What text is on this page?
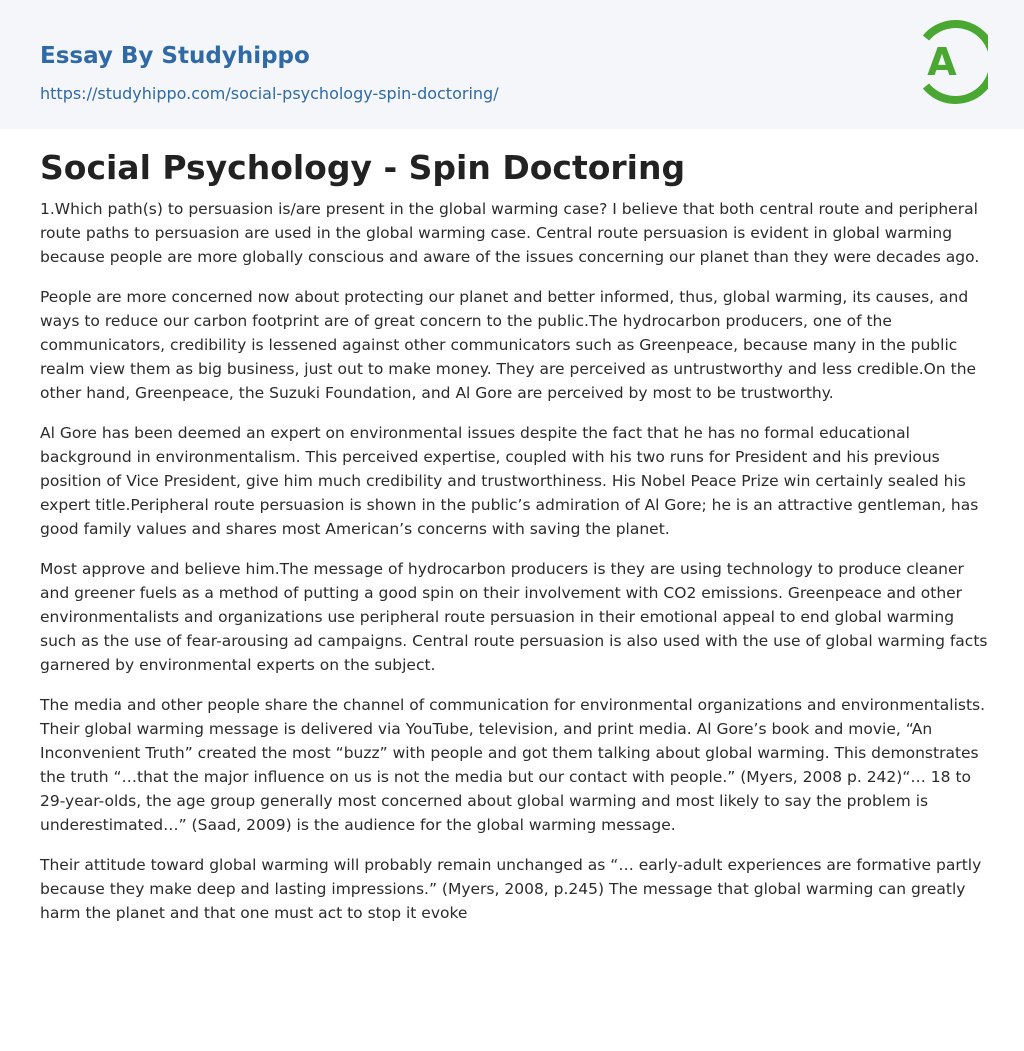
Essay By Studyhippo
https://studyhippo.com/social-psychology-spin-doctoring/
A
Social Psychology - Spin Doctoring

1.Which path(s) to persuasion is/are present in the global warming case? I believe that both central route and peripheral route paths to persuasion are used in the global warming case. Central route persuasion is evident in global warming because people are more globally conscious and aware of the issues concerning our planet than they were decades ago.

People are more concerned now about protecting our planet and better informed, thus, global warming, its causes, and ways to reduce our carbon footprint are of great concern to the public.The hydrocarbon producers, one of the communicators, credibility is lessened against other communicators such as Greenpeace, because many in the public realm view them as big business, just out to make money. They are perceived as untrustworthy and less credible.On the other hand, Greenpeace, the Suzuki Foundation, and Al Gore are perceived by most to be trustworthy.

Al Gore has been deemed an expert on environmental issues despite the fact that he has no formal educational background in environmentalism. This perceived expertise, coupled with his two runs for President and his previous position of Vice President, give him much credibility and trustworthiness. His Nobel Peace Prize win certainly sealed his expert title.Peripheral route persuasion is shown in the public’s admiration of Al Gore; he is an attractive gentleman, has good family values and shares most American’s concerns with saving the planet.

Most approve and believe him.The message of hydrocarbon producers is they are using technology to produce cleaner and greener fuels as a method of putting a good spin on their involvement with CO2 emissions. Greenpeace and other environmentalists and organizations use peripheral route persuasion in their emotional appeal to end global warming such as the use of fear-arousing ad campaigns. Central route persuasion is also used with the use of global warming facts garnered by environmental experts on the subject.

The media and other people share the channel of communication for environmental organizations and environmentalists. Their global warming message is delivered via YouTube, television, and print media. Al Gore’s book and movie, “An Inconvenient Truth” created the most “buzz” with people and got them talking about global warming. This demonstrates the truth “…that the major influence on us is not the media but our contact with people.” (Myers, 2008 p. 242)“… 18 to 29-year-olds, the age group generally most concerned about global warming and most likely to say the problem is underestimated…” (Saad, 2009) is the audience for the global warming message.

Their attitude toward global warming will probably remain unchanged as “… early-adult experiences are formative partly because they make deep and lasting impressions.” (Myers, 2008, p.245) The message that global warming can greatly harm the planet and that one must act to stop it evoke
